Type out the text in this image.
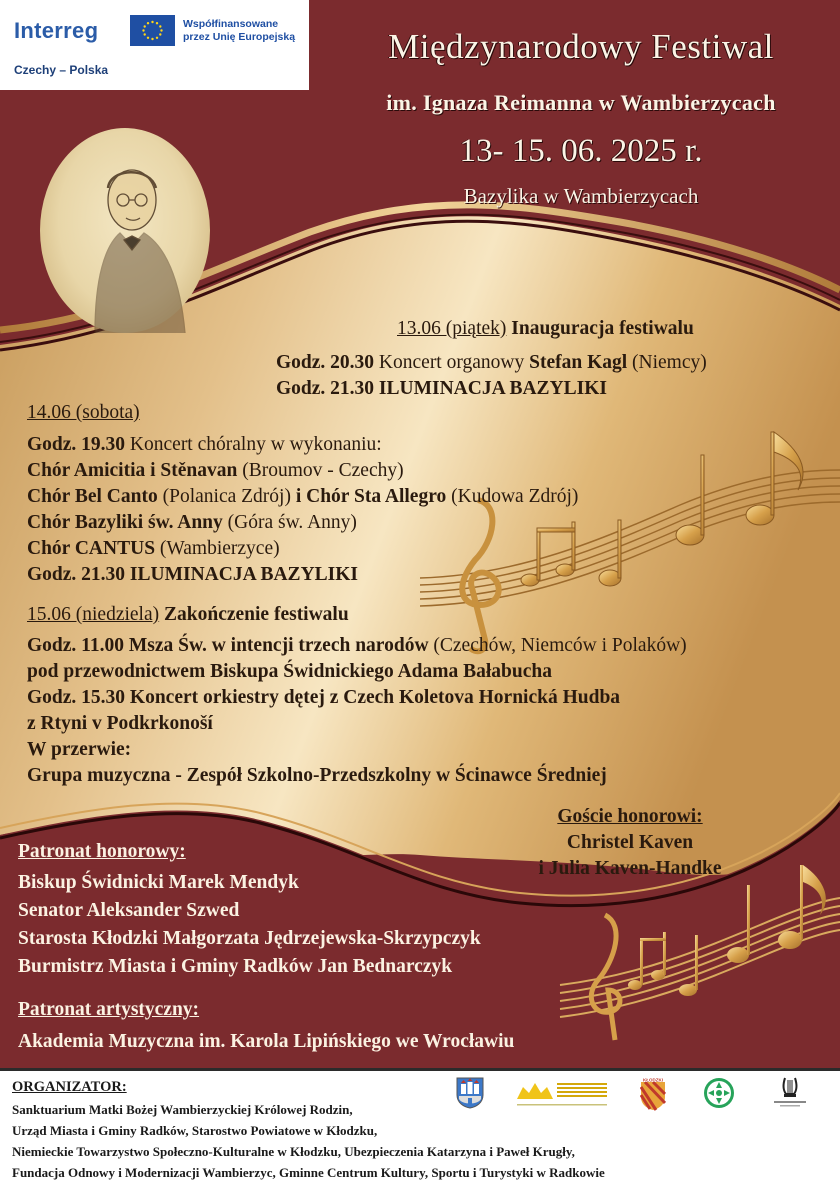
Interreg	Współfinansowane
przez Unię Europejską
Czechy – Polska
Międzynarodowy Festiwal
im. Ignaza Reimanna w Wambierzycach
13- 15. 06. 2025 r.
Bazylika w Wambierzycach
13.06 (piątek) Inauguracja festiwalu
Godz. 20.30 Koncert organowy Stefan Kagl (Niemcy)
Godz. 21.30 ILUMINACJA BAZYLIKI
14.06 (sobota)
Godz. 19.30 Koncert chóralny w wykonaniu:
Chór Amicitia i Stěnavan (Broumov - Czechy)
Chór Bel Canto (Polanica Zdrój) i Chór Sta Allegro (Kudowa Zdrój)
Chór Bazyliki św. Anny (Góra św. Anny)
Chór CANTUS (Wambierzyce)
Godz. 21.30 ILUMINACJA BAZYLIKI
15.06 (niedziela) Zakończenie festiwalu
Godz. 11.00 Msza Św. w intencji trzech narodów (Czechów, Niemców i Polaków)
pod przewodnictwem Biskupa Świdnickiego Adama Bałabucha
Godz. 15.30 Koncert orkiestry dętej z Czech Koletova Hornická Hudba
z Rtyni v Podkrkonoší
W przerwie:
Grupa muzyczna - Zespół Szkolno-Przedszkolny w Ścinawce Średniej
Goście honorowi:
Christel Kaven
i Julia Kaven-Handke
Patronat honorowy:
Biskup Świdnicki Marek Mendyk
Senator Aleksander Szwed
Starosta Kłodzki Małgorzata Jędrzejewska-Skrzypczyk
Burmistrz Miasta i Gminy Radków Jan Bednarczyk
Patronat artystyczny:
Akademia Muzyczna im. Karola Lipińskiego we Wrocławiu
ORGANIZATOR:
Sanktuarium Matki Bożej Wambierzyckiej Królowej Rodzin,
Urząd Miasta i Gminy Radków, Starostwo Powiatowe w Kłodzku,
Niemieckie Towarzystwo Społeczno-Kulturalne w Kłodzku, Ubezpieczenia Katarzyna i Paweł Krugły,
Fundacja Odnowy i Modernizacji Wambierzyc, Gminne Centrum Kultury, Sportu i Turystyki w Radkowie
KŁODZKI
